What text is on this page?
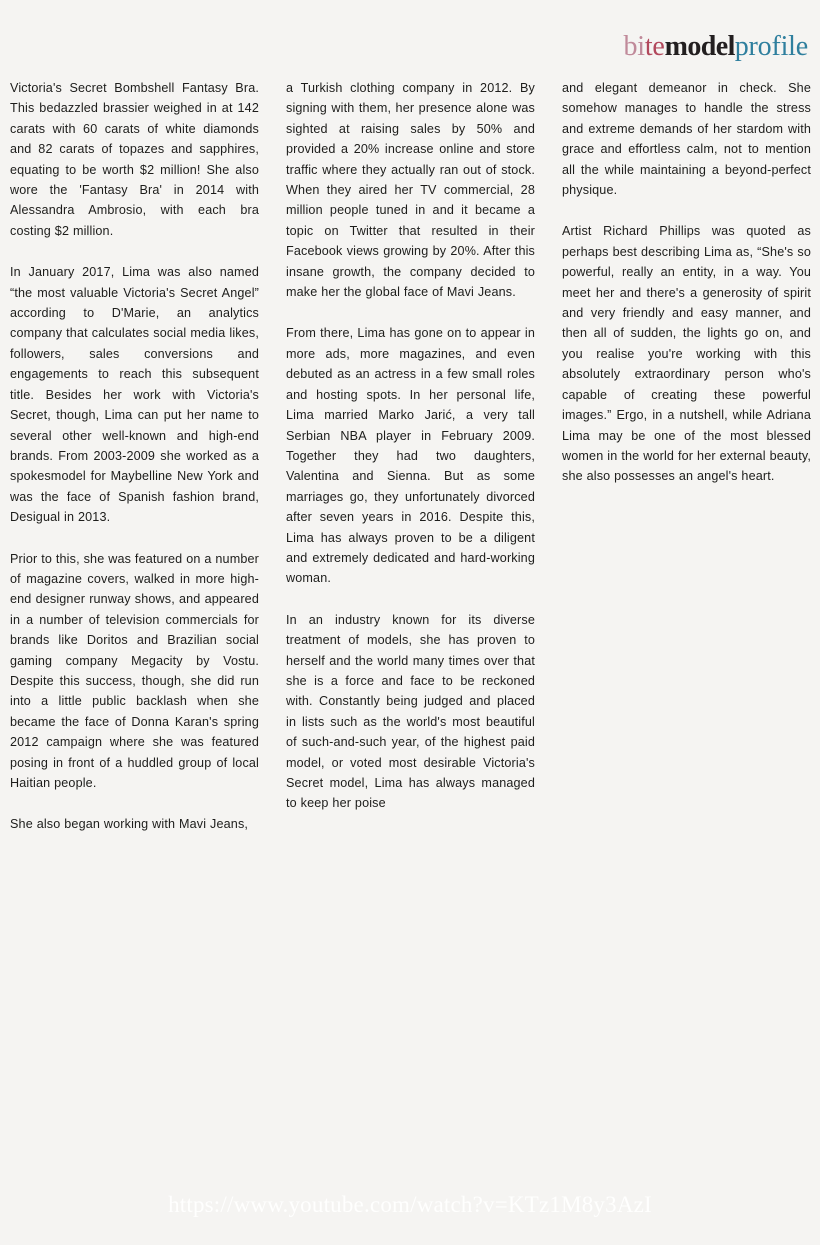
bi te model profile

Victoria's Secret Bombshell Fantasy Bra. This bedazzled brassier weighed in at 142 carats with 60 carats of white diamonds and 82 carats of topazes and sapphires, equating to be worth $2 million! She also wore the 'Fantasy Bra' in 2014 with Alessandra Ambrosio, with each bra costing $2 million.

In January 2017, Lima was also named “the most valuable Victoria's Secret Angel” according to D'Marie, an analytics company that calculates social media likes, followers, sales conversions and engagements to reach this subsequent title. Besides her work with Victoria's Secret, though, Lima can put her name to several other well-known and high-end brands. From 2003-2009 she worked as a spokesmodel for Maybelline New York and was the face of Spanish fashion brand, Desigual in 2013.

Prior to this, she was featured on a number of magazine covers, walked in more high-end designer runway shows, and appeared in a number of television commercials for brands like Doritos and Brazilian social gaming company Megacity by Vostu. Despite this success, though, she did run into a little public backlash when she became the face of Donna Karan's spring 2012 campaign where she was featured posing in front of a huddled group of local Haitian people.

She also began working with Mavi Jeans,

a Turkish clothing company in 2012. By signing with them, her presence alone was sighted at raising sales by 50% and provided a 20% increase online and store traffic where they actually ran out of stock. When they aired her TV commercial, 28 million people tuned in and it became a topic on Twitter that resulted in their Facebook views growing by 20%. After this insane growth, the company decided to make her the global face of Mavi Jeans.

From there, Lima has gone on to appear in more ads, more magazines, and even debuted as an actress in a few small roles and hosting spots. In her personal life, Lima married Marko Jarić, a very tall Serbian NBA player in February 2009. Together they had two daughters, Valentina and Sienna. But as some marriages go, they unfortunately divorced after seven years in 2016. Despite this, Lima has always proven to be a diligent and extremely dedicated and hard-working woman.

In an industry known for its diverse treatment of models, she has proven to herself and the world many times over that she is a force and face to be reckoned with. Constantly being judged and placed in lists such as the world's most beautiful of such-and-such year, of the highest paid model, or voted most desirable Victoria's Secret model, Lima has always managed to keep her poise

and elegant demeanor in check. She somehow manages to handle the stress and extreme demands of her stardom with grace and effortless calm, not to mention all the while maintaining a beyond-perfect physique.

Artist Richard Phillips was quoted as perhaps best describing Lima as, “She's so powerful, really an entity, in a way. You meet her and there's a generosity of spirit and very friendly and easy manner, and then all of sudden, the lights go on, and you realise you're working with this absolutely extraordinary person who's capable of creating these powerful images.” Ergo, in a nutshell, while Adriana Lima may be one of the most blessed women in the world for her external beauty, she also possesses an angel's heart.

https://www.youtube.com/watch?v=KTz1M8y3AzI
